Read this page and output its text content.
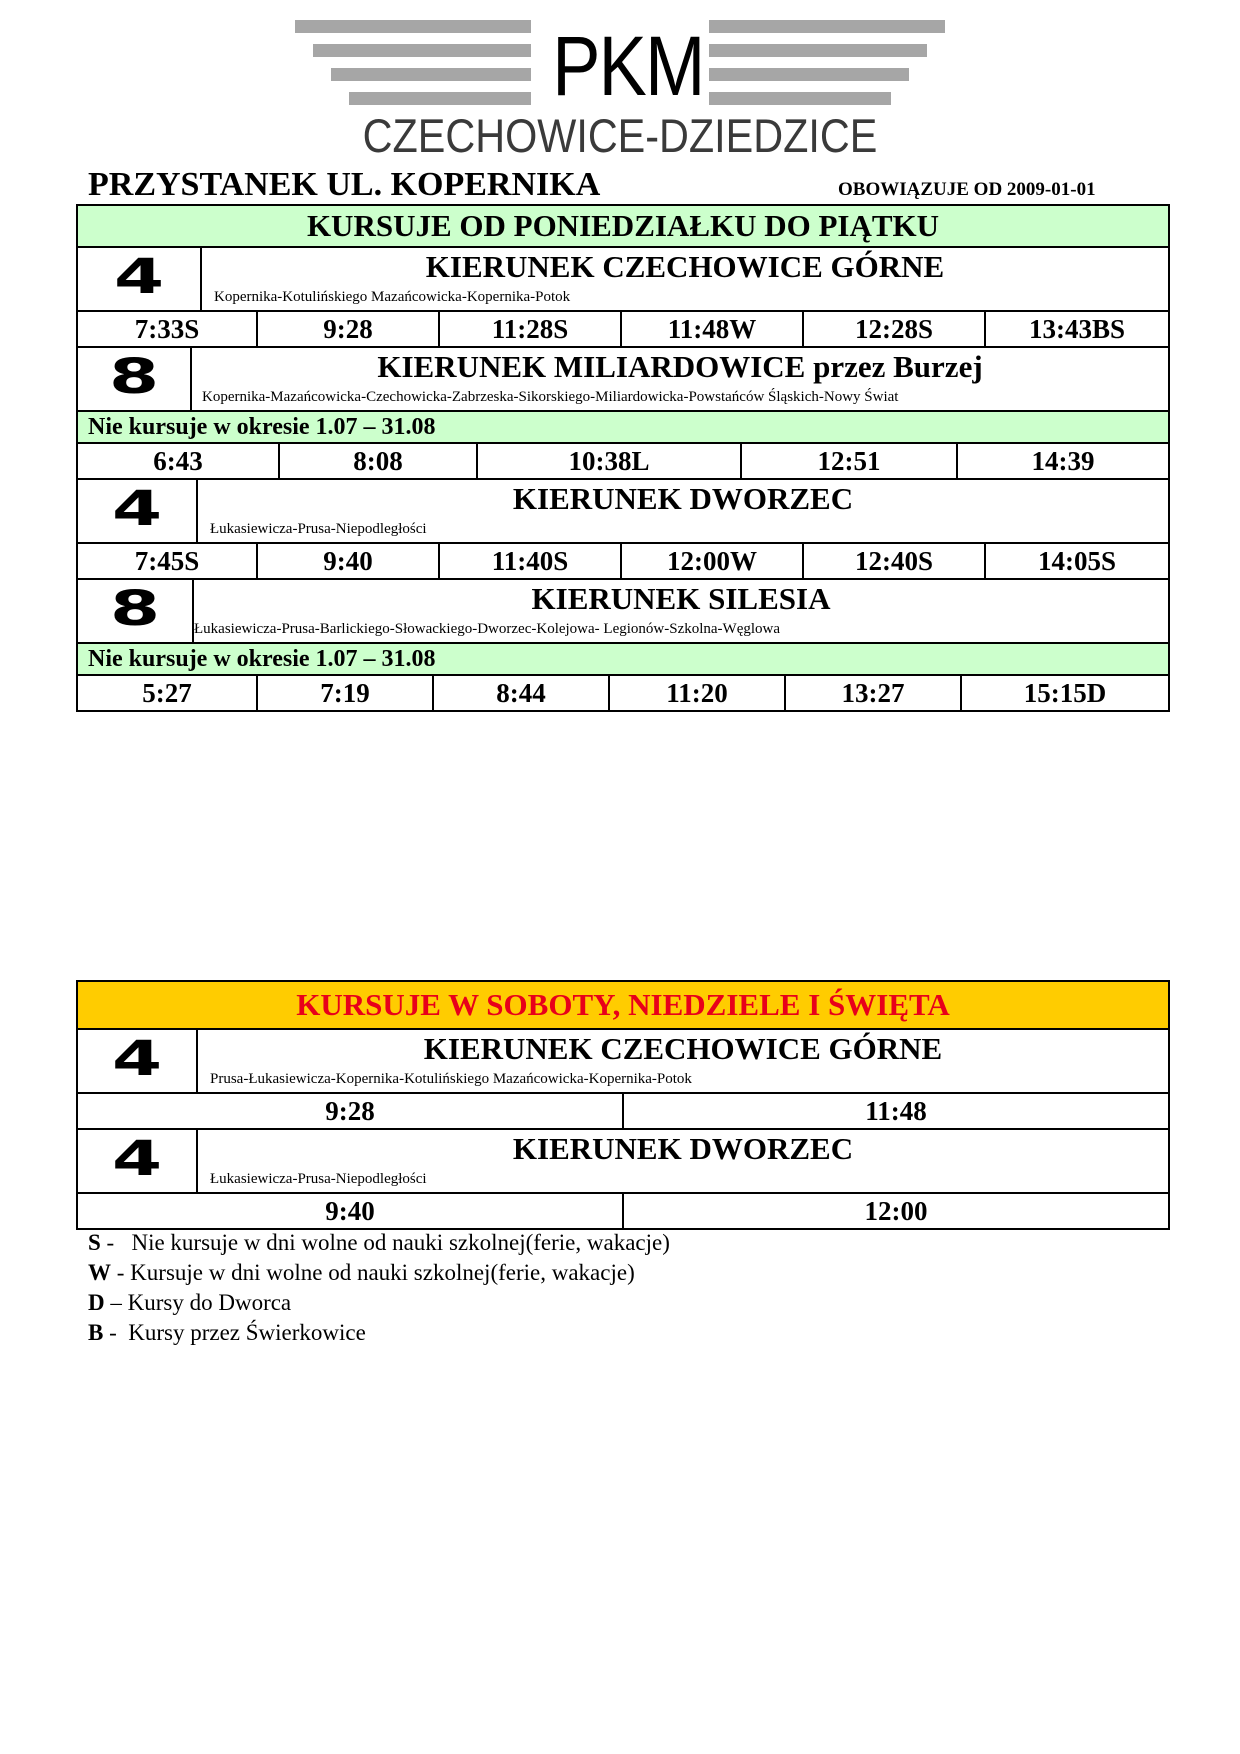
PKM
CZECHOWICE-DZIEDZICE
PRZYSTANEK UL. KOPERNIKA	OBOWIĄZUJE OD 2009-01-01
KURSUJE OD PONIEDZIAŁKU DO PIĄTKU
4	KIERUNEK CZECHOWICE GÓRNE
Kopernika-Kotulińskiego Mazańcowicka-Kopernika-Potok
7:33S	9:28	11:28S	11:48W	12:28S	13:43BS
8	KIERUNEK MILIARDOWICE przez Burzej
Kopernika-Mazańcowicka-Czechowicka-Zabrzeska-Sikorskiego-Miliardowicka-Powstańców Śląskich-Nowy Świat
Nie kursuje w okresie 1.07 – 31.08
6:43	8:08	10:38L	12:51	14:39
4	KIERUNEK DWORZEC
Łukasiewicza-Prusa-Niepodległości
7:45S	9:40	11:40S	12:00W	12:40S	14:05S
8	KIERUNEK SILESIA
Łukasiewicza-Prusa-Barlickiego-Słowackiego-Dworzec-Kolejowa- Legionów-Szkolna-Węglowa
Nie kursuje w okresie 1.07 – 31.08
5:27	7:19	8:44	11:20	13:27	15:15D
KURSUJE W SOBOTY, NIEDZIELE I ŚWIĘTA
4	KIERUNEK CZECHOWICE GÓRNE
Prusa-Łukasiewicza-Kopernika-Kotulińskiego Mazańcowicka-Kopernika-Potok
9:28	11:48
4	KIERUNEK DWORZEC
Łukasiewicza-Prusa-Niepodległości
9:40	12:00
S -   Nie kursuje w dni wolne od nauki szkolnej(ferie, wakacje)
W - Kursuje w dni wolne od nauki szkolnej(ferie, wakacje)
D – Kursy do Dworca
B -  Kursy przez Świerkowice
